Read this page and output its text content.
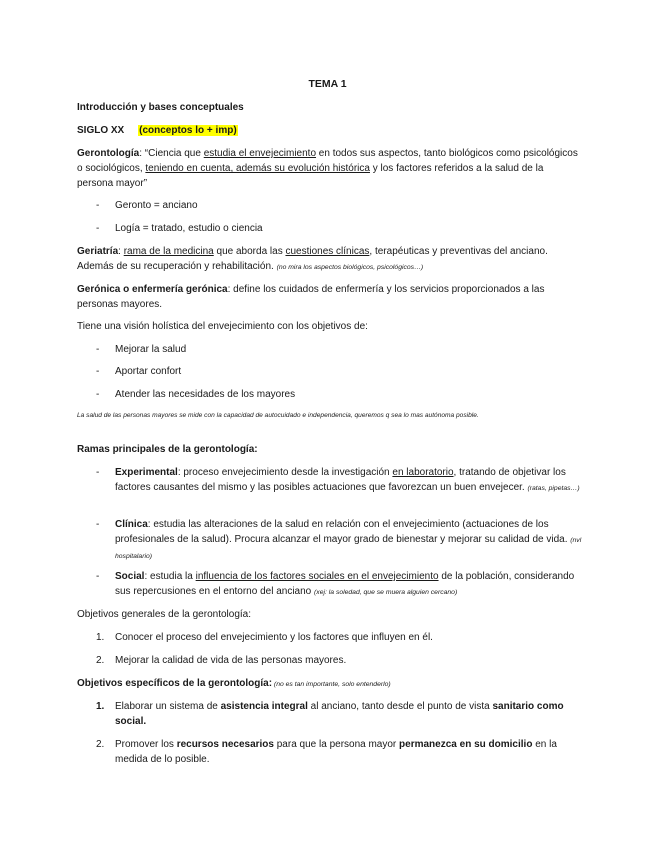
TEMA 1
Introducción y bases conceptuales
SIGLO XX (conceptos lo + imp)
Gerontología: “Ciencia que estudia el envejecimiento en todos sus aspectos, tanto biológicos como psicológicos o sociológicos, teniendo en cuenta, además su evolución histórica y los factores referidos a la salud de la persona mayor”
-	Geronto = anciano
-	Logía = tratado, estudio o ciencia
Geriatría: rama de la medicina que aborda las cuestiones clínicas, terapéuticas y preventivas del anciano. Además de su recuperación y rehabilitación. (no mira los aspectos biológicos, psicológicos…)
Gerónica o enfermería gerónica: define los cuidados de enfermería y los servicios proporcionados a las personas mayores.
Tiene una visión holística del envejecimiento con los objetivos de:
-	Mejorar la salud
-	Aportar confort
-	Atender las necesidades de los mayores
La salud de las personas mayores se mide con la capacidad de autocuidado e independencia, queremos q sea lo mas autónoma posible.
Ramas principales de la gerontología:
-	Experimental: proceso envejecimiento desde la investigación en laboratorio, tratando de objetivar los factores causantes del mismo y las posibles actuaciones que favorezcan un buen envejecer. (ratas, pipetas…)
-	Clínica: estudia las alteraciones de la salud en relación con el envejecimiento (actuaciones de los profesionales de la salud). Procura alcanzar el mayor grado de bienestar y mejorar su calidad de vida. (nvl hospitalario)
-	Social: estudia la influencia de los factores sociales en el envejecimiento de la población, considerando sus repercusiones en el entorno del anciano (xej: la soledad, que se muera alguien cercano)
Objetivos generales de la gerontología:
1.	Conocer el proceso del envejecimiento y los factores que influyen en él.
2.	Mejorar la calidad de vida de las personas mayores.
Objetivos específicos de la gerontología: (no es tan importante, solo entenderlo)
1.	Elaborar un sistema de asistencia integral al anciano, tanto desde el punto de vista sanitario como social.
2.	Promover los recursos necesarios para que la persona mayor permanezca en su domicilio en la medida de lo posible.
